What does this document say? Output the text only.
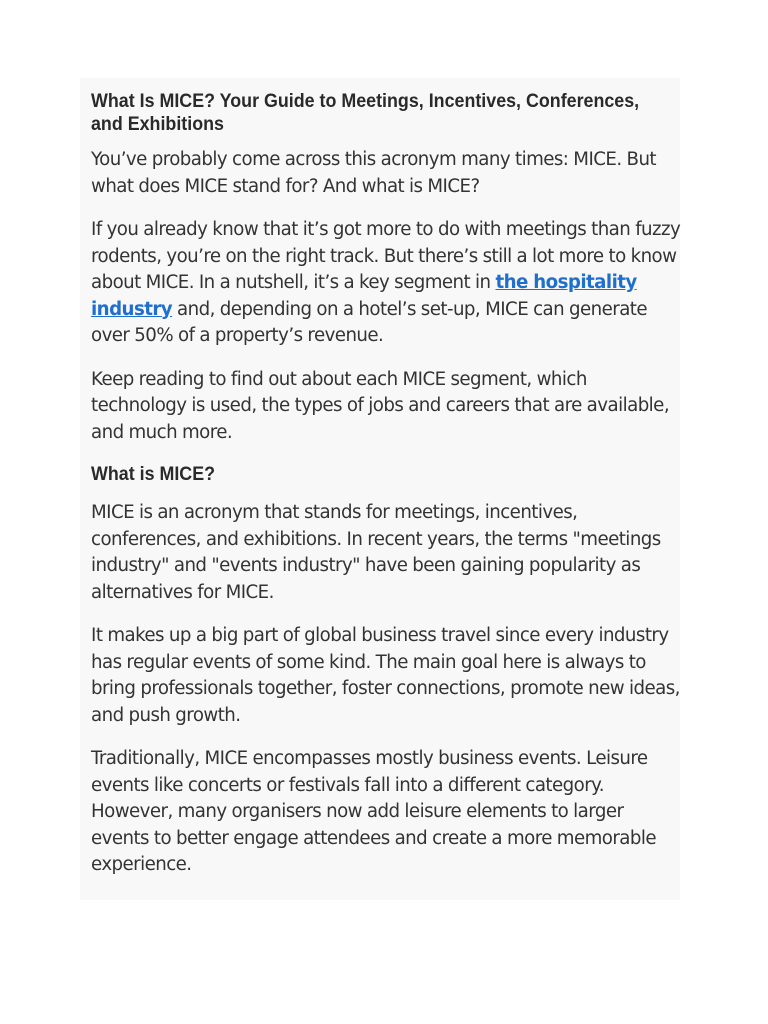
What Is MICE? Your Guide to Meetings, Incentives, Conferences, and Exhibitions

You’ve probably come across this acronym many times: MICE. But what does MICE stand for? And what is MICE?

If you already know that it’s got more to do with meetings than fuzzy rodents, you’re on the right track. But there’s still a lot more to know about MICE. In a nutshell, it’s a key segment in the hospitality industry and, depending on a hotel’s set-up, MICE can generate over 50% of a property’s revenue.

Keep reading to find out about each MICE segment, which technology is used, the types of jobs and careers that are available, and much more.

What is MICE?

MICE is an acronym that stands for meetings, incentives, conferences, and exhibitions. In recent years, the terms "meetings industry" and "events industry" have been gaining popularity as alternatives for MICE.

It makes up a big part of global business travel since every industry has regular events of some kind. The main goal here is always to bring professionals together, foster connections, promote new ideas, and push growth.

Traditionally, MICE encompasses mostly business events. Leisure events like concerts or festivals fall into a different category. However, many organisers now add leisure elements to larger events to better engage attendees and create a more memorable experience.
